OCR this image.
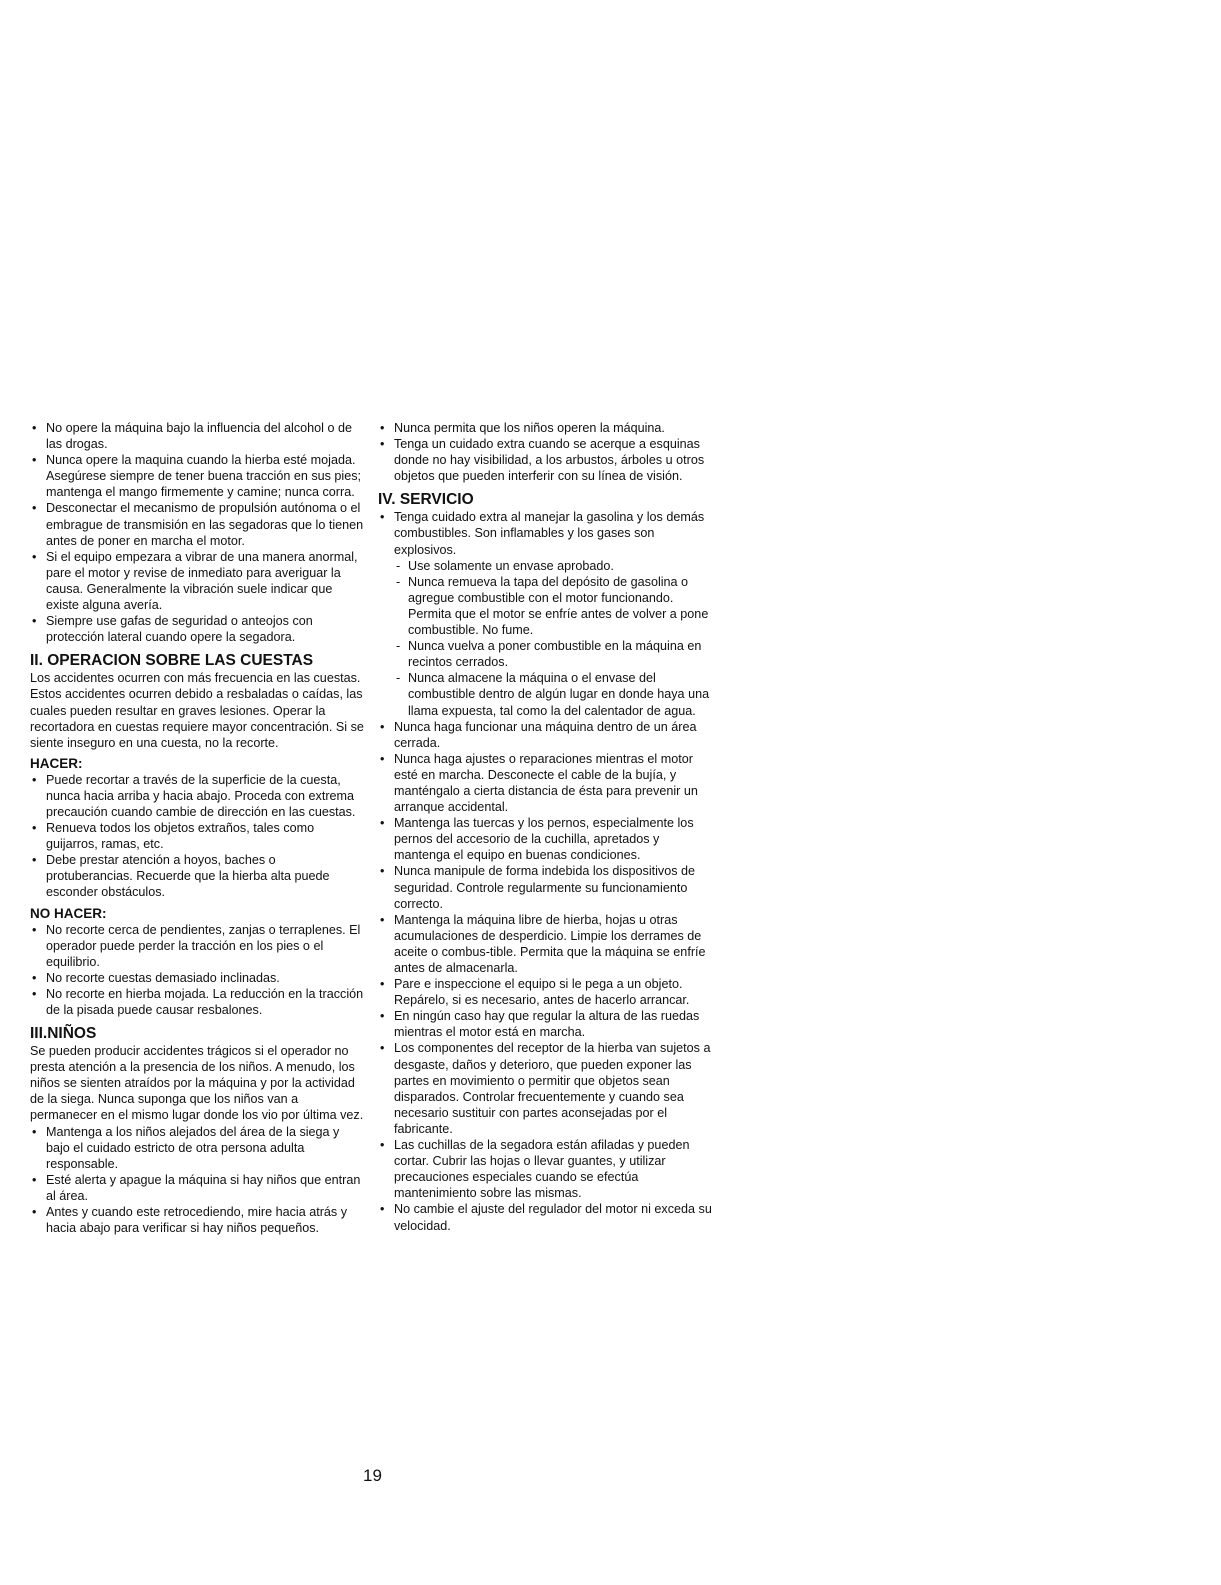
• No opere la máquina bajo la influencia del alcohol o de las drogas.
• Nunca opere la maquina cuando la hierba esté mojada. Asegúrese siempre de tener buena tracción en sus pies; mantenga el mango firmemente y camine; nunca corra.
• Desconectar el mecanismo de propulsión autónoma o el embrague de transmisión en las segadoras que lo tienen antes de poner en marcha el motor.
• Si el equipo empezara a vibrar de una manera anormal, pare el motor y revise de inmediato para averiguar la causa. Generalmente la vibración suele indicar que existe alguna avería.
• Siempre use gafas de seguridad o anteojos con protección lateral cuando opere la segadora.
II. OPERACION SOBRE LAS CUESTAS

Los accidentes ocurren con más frecuencia en las cuestas. Estos accidentes ocurren debido a resbaladas o caídas, las cuales pueden resultar en graves lesiones. Operar la recortadora en cuestas requiere mayor concentración. Si se siente inseguro en una cuesta, no la recorte.

HACER:
• Puede recortar a través de la superficie de la cuesta, nunca hacia arriba y hacia abajo. Proceda con extrema precaución cuando cambie de dirección en las cuestas.
• Renueva todos los objetos extraños, tales como guijarros, ramas, etc.
• Debe prestar atención a hoyos, baches o protuberancias. Recuerde que la hierba alta puede esconder obstáculos.
NO HACER:
• No recorte cerca de pendientes, zanjas o terraplenes. El operador puede perder la tracción en los pies o el equilibrio.
• No recorte cuestas demasiado inclinadas.
• No recorte en hierba mojada. La reducción en la tracción de la pisada puede causar resbalones.
III.NIÑOS

Se pueden producir accidentes trágicos si el operador no presta atención a la presencia de los niños. A menudo, los niños se sienten atraídos por la máquina y por la actividad de la siega. Nunca suponga que los niños van a permanecer en el mismo lugar donde los vio por última vez.

• Mantenga a los niños alejados del área de la siega y bajo el cuidado estricto de otra persona adulta responsable.
• Esté alerta y apague la máquina si hay niños que entran al área.
• Antes y cuando este retrocediendo, mire hacia atrás y hacia abajo para verificar si hay niños pequeños.
• Nunca permita que los niños operen la máquina.
• Tenga un cuidado extra cuando se acerque a esquinas donde no hay visibilidad, a los arbustos, árboles u otros objetos que pueden interferir con su línea de visión.
IV. SERVICIO
• Tenga cuidado extra al manejar la gasolina y los demás combustibles. Son inflamables y los gases son explosivos.
- Use solamente un envase aprobado.
- Nunca remueva la tapa del depósito de gasolina o agregue combustible con el motor funcionando. Permita que el motor se enfríe antes de volver a pone combustible. No fume.
- Nunca vuelva a poner combustible en la máquina en recintos cerrados.
- Nunca almacene la máquina o el envase del combustible dentro de algún lugar en donde haya una llama expuesta, tal como la del calentador de agua.
• Nunca haga funcionar una máquina dentro de un área cerrada.
• Nunca haga ajustes o reparaciones mientras el motor esté en marcha. Desconecte el cable de la bujía, y manténgalo a cierta distancia de ésta para prevenir un arranque accidental.
• Mantenga las tuercas y los pernos, especialmente los pernos del accesorio de la cuchilla, apretados y mantenga el equipo en buenas condiciones.
• Nunca manipule de forma indebida los dispositivos de seguridad. Controle regularmente su funcionamiento correcto.
• Mantenga la máquina libre de hierba, hojas u otras acumulaciones de desperdicio. Limpie los derrames de aceite o combus-tible. Permita que la máquina se enfríe antes de almacenarla.
• Pare e inspeccione el equipo si le pega a un objeto. Repárelo, si es necesario, antes de hacerlo arrancar.
• En ningún caso hay que regular la altura de las ruedas mientras el motor está en marcha.
• Los componentes del receptor de la hierba van sujetos a desgaste, daños y deterioro, que pueden exponer las partes en movimiento o permitir que objetos sean disparados. Controlar frecuentemente y cuando sea necesario sustituir con partes aconsejadas por el fabricante.
• Las cuchillas de la segadora están afiladas y pueden cortar. Cubrir las hojas o llevar guantes, y utilizar precauciones especiales cuando se efectúa mantenimiento sobre las mismas.
• No cambie el ajuste del regulador del motor ni exceda su velocidad.
19
